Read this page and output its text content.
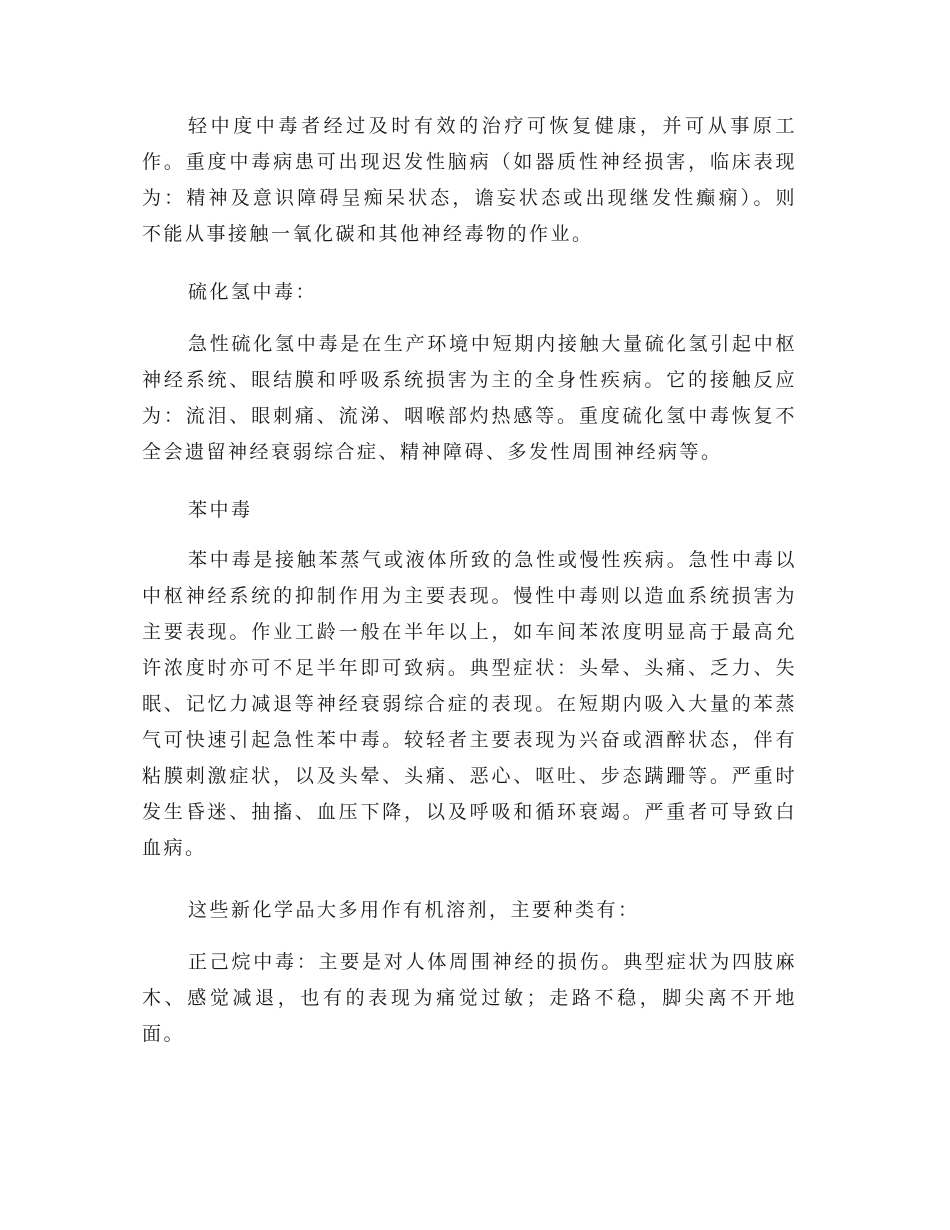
轻中度中毒者经过及时有效的治疗可恢复健康，并可从事原工作。重度中毒病患可出现迟发性脑病（如器质性神经损害，临床表现为：精神及意识障碍呈痴呆状态，谵妄状态或出现继发性癫痫）。则不能从事接触一氧化碳和其他神经毒物的作业。

硫化氢中毒：

急性硫化氢中毒是在生产环境中短期内接触大量硫化氢引起中枢神经系统、眼结膜和呼吸系统损害为主的全身性疾病。它的接触反应为：流泪、眼刺痛、流涕、咽喉部灼热感等。重度硫化氢中毒恢复不全会遗留神经衰弱综合症、精神障碍、多发性周围神经病等。

苯中毒

苯中毒是接触苯蒸气或液体所致的急性或慢性疾病。急性中毒以中枢神经系统的抑制作用为主要表现。慢性中毒则以造血系统损害为主要表现。作业工龄一般在半年以上，如车间苯浓度明显高于最高允许浓度时亦可不足半年即可致病。典型症状：头晕、头痛、乏力、失眠、记忆力减退等神经衰弱综合症的表现。在短期内吸入大量的苯蒸气可快速引起急性苯中毒。较轻者主要表现为兴奋或酒醉状态，伴有粘膜刺激症状，以及头晕、头痛、恶心、呕吐、步态蹒跚等。严重时发生昏迷、抽搐、血压下降，以及呼吸和循环衰竭。严重者可导致白血病。

这些新化学品大多用作有机溶剂，主要种类有：

正己烷中毒：主要是对人体周围神经的损伤。典型症状为四肢麻木、感觉减退，也有的表现为痛觉过敏；走路不稳，脚尖离不开地面。
